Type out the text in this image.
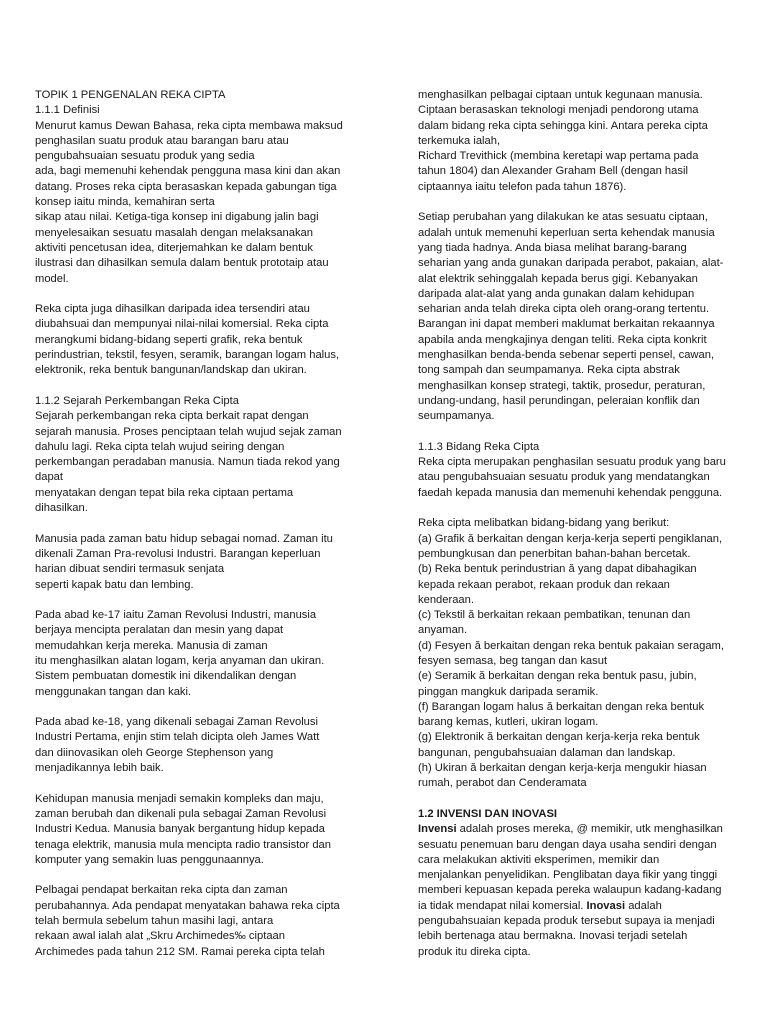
TOPIK 1 PENGENALAN REKA CIPTA
1.1.1 Definisi
Menurut kamus Dewan Bahasa, reka cipta membawa maksud
penghasilan suatu produk atau barangan baru atau
pengubahsuaian sesuatu produk yang sedia
ada, bagi memenuhi kehendak pengguna masa kini dan akan
datang. Proses reka cipta berasaskan kepada gabungan tiga
konsep iaitu minda, kemahiran serta
sikap atau nilai. Ketiga-tiga konsep ini digabung jalin bagi
menyelesaikan sesuatu masalah dengan melaksanakan
aktiviti pencetusan idea, diterjemahkan ke dalam bentuk
ilustrasi dan dihasilkan semula dalam bentuk prototaip atau
model.
Reka cipta juga dihasilkan daripada idea tersendiri atau
diubahsuai dan mempunyai nilai-nilai komersial. Reka cipta
merangkumi bidang-bidang seperti grafik, reka bentuk
perindustrian, tekstil, fesyen, seramik, barangan logam halus,
elektronik, reka bentuk bangunan/landskap dan ukiran.
1.1.2 Sejarah Perkembangan Reka Cipta
Sejarah perkembangan reka cipta berkait rapat dengan
sejarah manusia. Proses penciptaan telah wujud sejak zaman
dahulu lagi. Reka cipta telah wujud seiring dengan
perkembangan peradaban manusia. Namun tiada rekod yang
dapat
menyatakan dengan tepat bila reka ciptaan pertama
dihasilkan.
Manusia pada zaman batu hidup sebagai nomad. Zaman itu
dikenali Zaman Pra-revolusi Industri. Barangan keperluan
harian dibuat sendiri termasuk senjata
seperti kapak batu dan lembing.
Pada abad ke-17 iaitu Zaman Revolusi Industri, manusia
berjaya mencipta peralatan dan mesin yang dapat
memudahkan kerja mereka. Manusia di zaman
itu menghasilkan alatan logam, kerja anyaman dan ukiran.
Sistem pembuatan domestik ini dikendalikan dengan
menggunakan tangan dan kaki.
Pada abad ke-18, yang dikenali sebagai Zaman Revolusi
Industri Pertama, enjin stim telah dicipta oleh James Watt
dan diinovasikan oleh George Stephenson yang
menjadikannya lebih baik.
Kehidupan manusia menjadi semakin kompleks dan maju,
zaman berubah dan dikenali pula sebagai Zaman Revolusi
Industri Kedua. Manusia banyak bergantung hidup kepada
tenaga elektrik, manusia mula mencipta radio transistor dan
komputer yang semakin luas penggunaannya.
Pelbagai pendapat berkaitan reka cipta dan zaman
perubahannya. Ada pendapat menyatakan bahawa reka cipta
telah bermula sebelum tahun masihi lagi, antara
rekaan awal ialah alat „Skru Archimedes‰ ciptaan
Archimedes pada tahun 212 SM. Ramai pereka cipta telah
menghasilkan pelbagai ciptaan untuk kegunaan manusia.
Ciptaan berasaskan teknologi menjadi pendorong utama
dalam bidang reka cipta sehingga kini. Antara pereka cipta
terkemuka ialah,
Richard Trevithick (membina keretapi wap pertama pada
tahun 1804) dan Alexander Graham Bell (dengan hasil
ciptaannya iaitu telefon pada tahun 1876).
Setiap perubahan yang dilakukan ke atas sesuatu ciptaan,
adalah untuk memenuhi keperluan serta kehendak manusia
yang tiada hadnya. Anda biasa melihat barang-barang
seharian yang anda gunakan daripada perabot, pakaian, alat-
alat elektrik sehinggalah kepada berus gigi. Kebanyakan
daripada alat-alat yang anda gunakan dalam kehidupan
seharian anda telah direka cipta oleh orang-orang tertentu.
Barangan ini dapat memberi maklumat berkaitan rekaannya
apabila anda mengkajinya dengan teliti. Reka cipta konkrit
menghasilkan benda-benda sebenar seperti pensel, cawan,
tong sampah dan seumpamanya. Reka cipta abstrak
menghasilkan konsep strategi, taktik, prosedur, peraturan,
undang-undang, hasil perundingan, peleraian konflik dan
seumpamanya.
1.1.3 Bidang Reka Cipta
Reka cipta merupakan penghasilan sesuatu produk yang baru
atau pengubahsuaian sesuatu produk yang mendatangkan
faedah kepada manusia dan memenuhi kehendak pengguna.
Reka cipta melibatkan bidang-bidang yang berikut:
(a) Grafik ă berkaitan dengan kerja-kerja seperti pengiklanan,
pembungkusan dan penerbitan bahan-bahan bercetak.
(b) Reka bentuk perindustrian ă yang dapat dibahagikan
kepada rekaan perabot, rekaan produk dan rekaan
kenderaan.
(c) Tekstil ă berkaitan rekaan pembatikan, tenunan dan
anyaman.
(d) Fesyen ă berkaitan dengan reka bentuk pakaian seragam,
fesyen semasa, beg tangan dan kasut
(e) Seramik ă berkaitan dengan reka bentuk pasu, jubin,
pinggan mangkuk daripada seramik.
(f) Barangan logam halus ă berkaitan dengan reka bentuk
barang kemas, kutleri, ukiran logam.
(g) Elektronik ă berkaitan dengan kerja-kerja reka bentuk
bangunan, pengubahsuaian dalaman dan landskap.
(h) Ukiran ă berkaitan dengan kerja-kerja mengukir hiasan
rumah, perabot dan Cenderamata
1.2 INVENSI DAN INOVASI
Invensi adalah proses mereka, @ memikir, utk menghasilkan
sesuatu penemuan baru dengan daya usaha sendiri dengan
cara melakukan aktiviti eksperimen, memikir dan
menjalankan penyelidikan. Penglibatan daya fikir yang tinggi
memberi kepuasan kepada pereka walaupun kadang-kadang
ia tidak mendapat nilai komersial. Inovasi adalah
pengubahsuaian kepada produk tersebut supaya ia menjadi
lebih bertenaga atau bermakna. Inovasi terjadi setelah
produk itu direka cipta.
